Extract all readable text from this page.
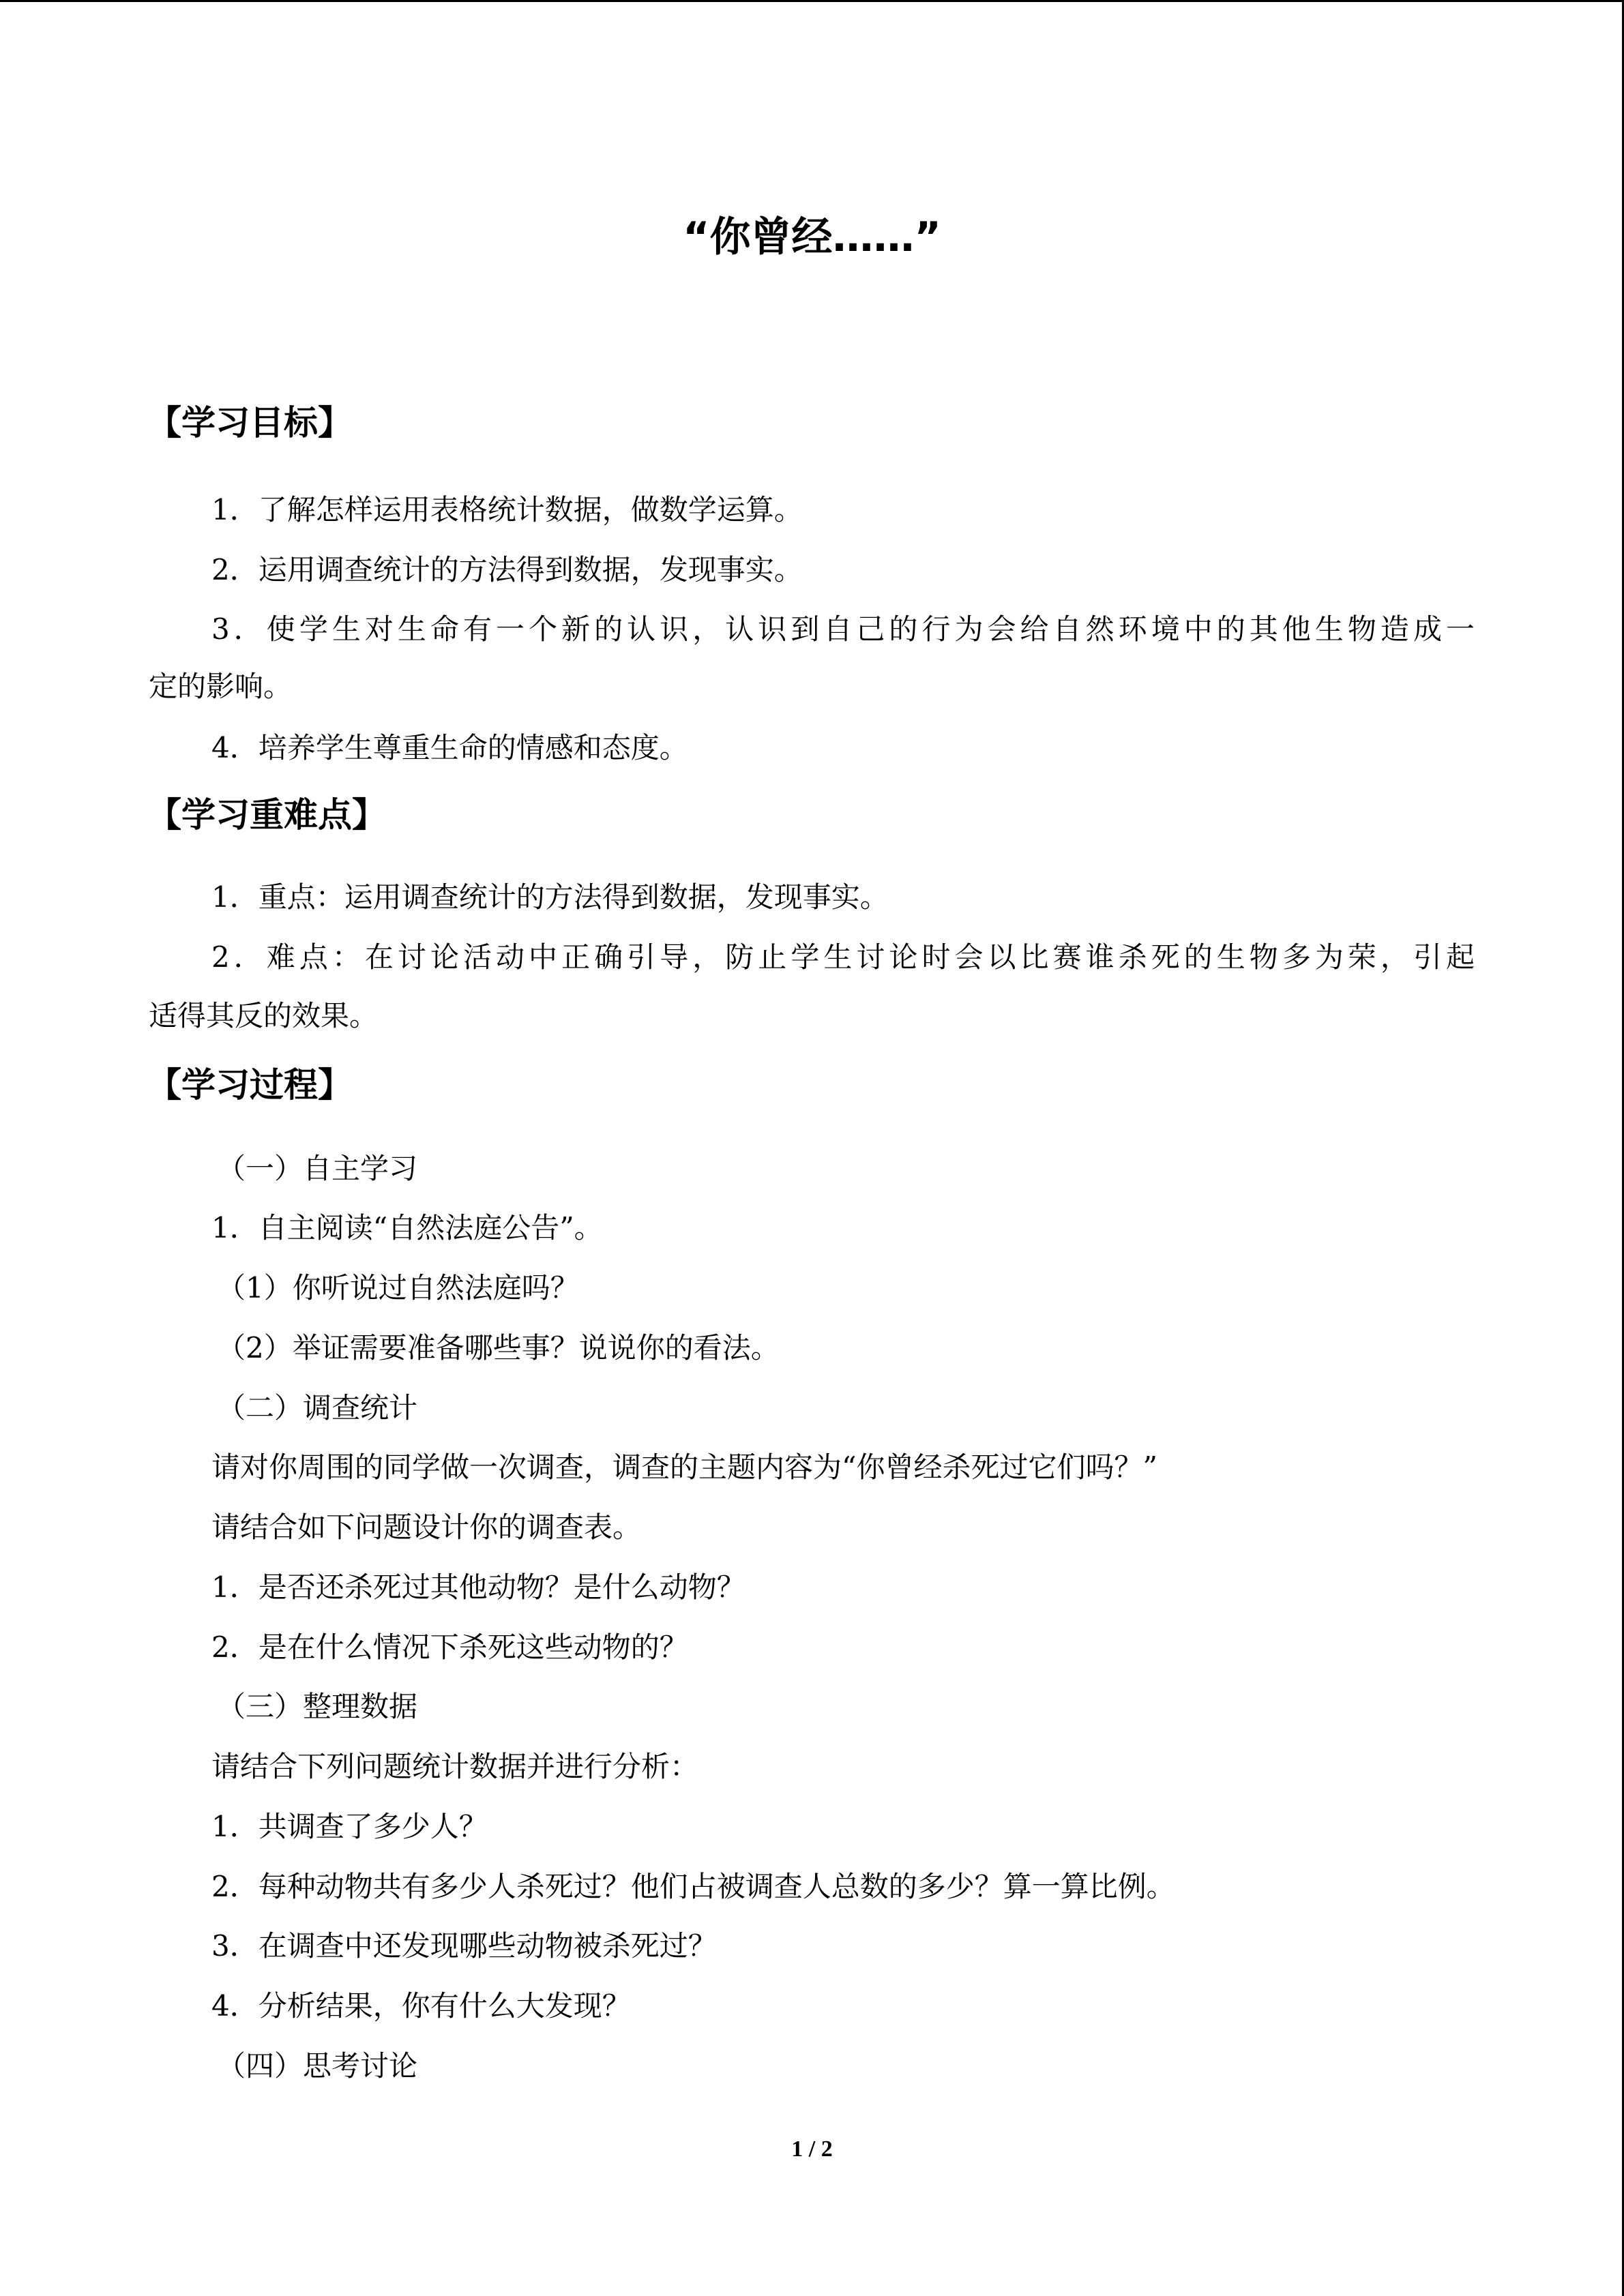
“你曾经……”
【学习目标】
1．了解怎样运用表格统计数据，做数学运算。
2．运用调查统计的方法得到数据，发现事实。
3．使学生对生命有一个新的认识，认识到自己的行为会给自然环境中的其他生物造成一
定的影响。
4．培养学生尊重生命的情感和态度。
【学习重难点】
1．重点：运用调查统计的方法得到数据，发现事实。
2．难点：在讨论活动中正确引导，防止学生讨论时会以比赛谁杀死的生物多为荣，引起
适得其反的效果。
【学习过程】
（一）自主学习
1．自主阅读“自然法庭公告”。
（1）你听说过自然法庭吗？
（2）举证需要准备哪些事？说说你的看法。
（二）调查统计
请对你周围的同学做一次调查，调查的主题内容为“你曾经杀死过它们吗？”
请结合如下问题设计你的调查表。
1．是否还杀死过其他动物？是什么动物？
2．是在什么情况下杀死这些动物的？
（三）整理数据
请结合下列问题统计数据并进行分析：
1．共调查了多少人？
2．每种动物共有多少人杀死过？他们占被调查人总数的多少？算一算比例。
3．在调查中还发现哪些动物被杀死过？
4．分析结果，你有什么大发现？
（四）思考讨论
1 / 2
